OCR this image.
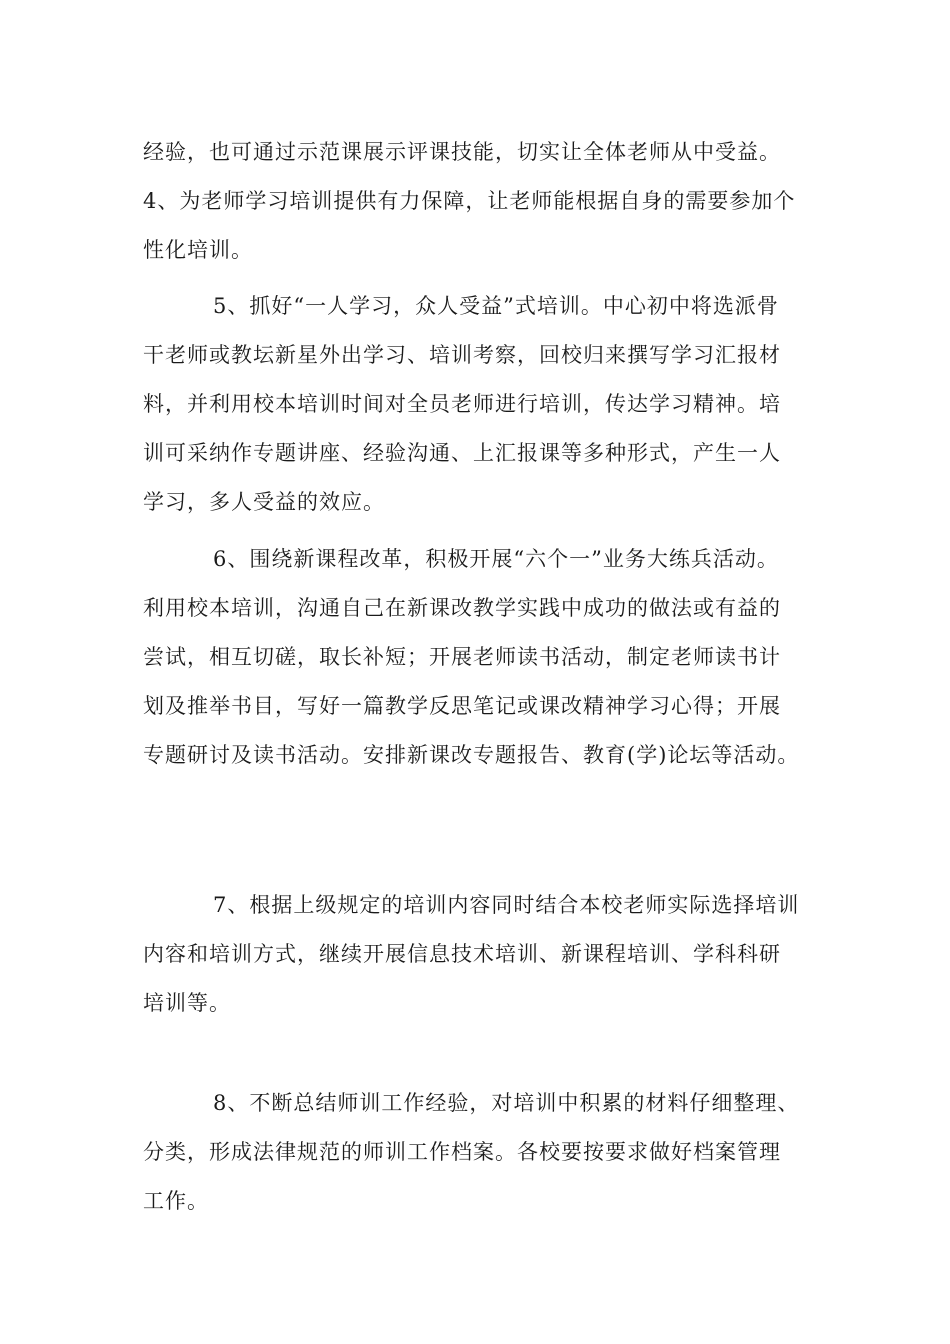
经验，也可通过示范课展示评课技能，切实让全体老师从中受益。
4、为老师学习培训提供有力保障，让老师能根据自身的需要参加个
性化培训。
5、抓好“一人学习，众人受益”式培训。中心初中将选派骨
干老师或教坛新星外出学习、培训考察，回校归来撰写学习汇报材
料，并利用校本培训时间对全员老师进行培训，传达学习精神。培
训可采纳作专题讲座、经验沟通、上汇报课等多种形式，产生一人
学习，多人受益的效应。
6、围绕新课程改革，积极开展“六个一”业务大练兵活动。
利用校本培训，沟通自己在新课改教学实践中成功的做法或有益的
尝试，相互切磋，取长补短；开展老师读书活动，制定老师读书计
划及推举书目，写好一篇教学反思笔记或课改精神学习心得；开展
专题研讨及读书活动。安排新课改专题报告、教育(学)论坛等活动。
7、根据上级规定的培训内容同时结合本校老师实际选择培训
内容和培训方式，继续开展信息技术培训、新课程培训、学科科研
培训等。
8、不断总结师训工作经验，对培训中积累的材料仔细整理、
分类，形成法律规范的师训工作档案。各校要按要求做好档案管理
工作。
